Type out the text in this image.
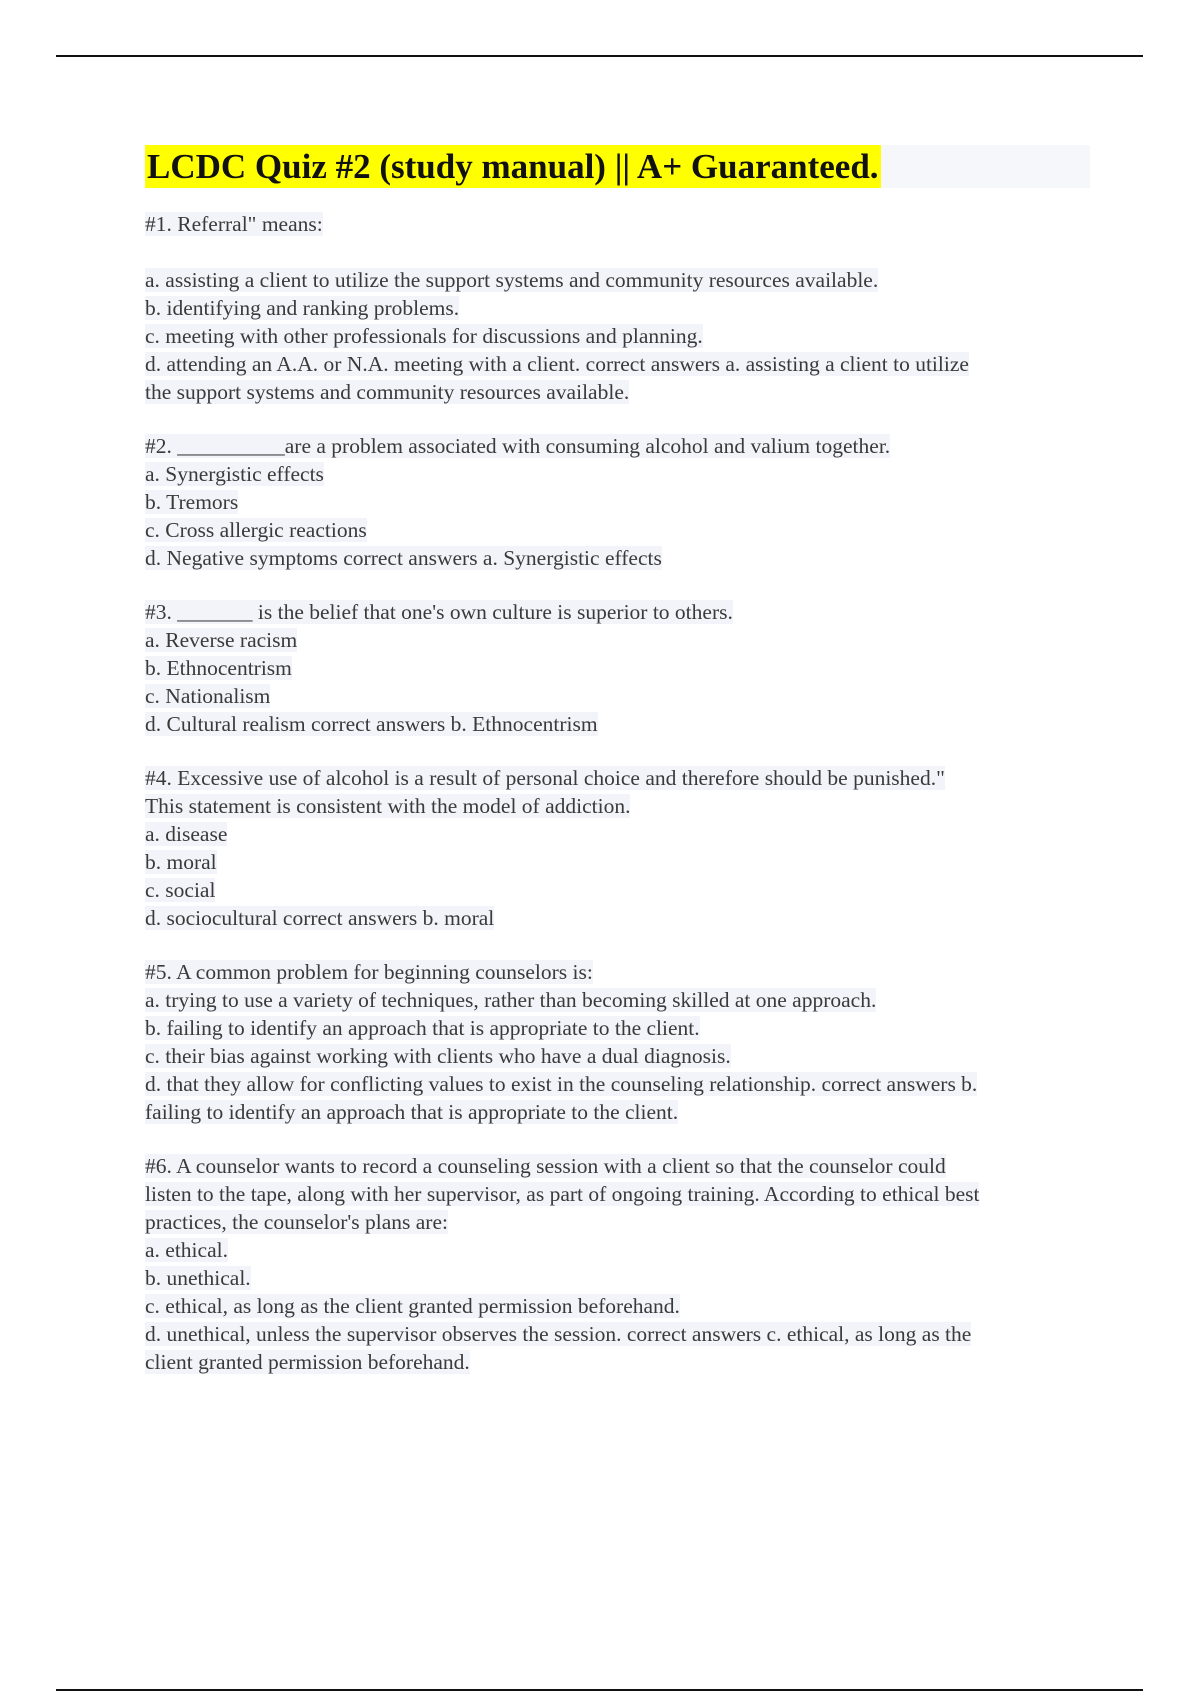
LCDC Quiz #2 (study manual) || A+ Guaranteed.
#1. Referral" means:
a. assisting a client to utilize the support systems and community resources available.
b. identifying and ranking problems.
c. meeting with other professionals for discussions and planning.
d. attending an A.A. or N.A. meeting with a client. correct answers a. assisting a client to utilize
the support systems and community resources available.
#2. __________are a problem associated with consuming alcohol and valium together.
a. Synergistic effects
b. Tremors
c. Cross allergic reactions
d. Negative symptoms correct answers a. Synergistic effects
#3. _______ is the belief that one's own culture is superior to others.
a. Reverse racism
b. Ethnocentrism
c. Nationalism
d. Cultural realism correct answers b. Ethnocentrism
#4. Excessive use of alcohol is a result of personal choice and therefore should be punished."
This statement is consistent with the model of addiction.
a. disease
b. moral
c. social
d. sociocultural correct answers b. moral
#5. A common problem for beginning counselors is:
a. trying to use a variety of techniques, rather than becoming skilled at one approach.
b. failing to identify an approach that is appropriate to the client.
c. their bias against working with clients who have a dual diagnosis.
d. that they allow for conflicting values to exist in the counseling relationship. correct answers b.
failing to identify an approach that is appropriate to the client.
#6. A counselor wants to record a counseling session with a client so that the counselor could
listen to the tape, along with her supervisor, as part of ongoing training. According to ethical best
practices, the counselor's plans are:
a. ethical.
b. unethical.
c. ethical, as long as the client granted permission beforehand.
d. unethical, unless the supervisor observes the session. correct answers c. ethical, as long as the
client granted permission beforehand.
